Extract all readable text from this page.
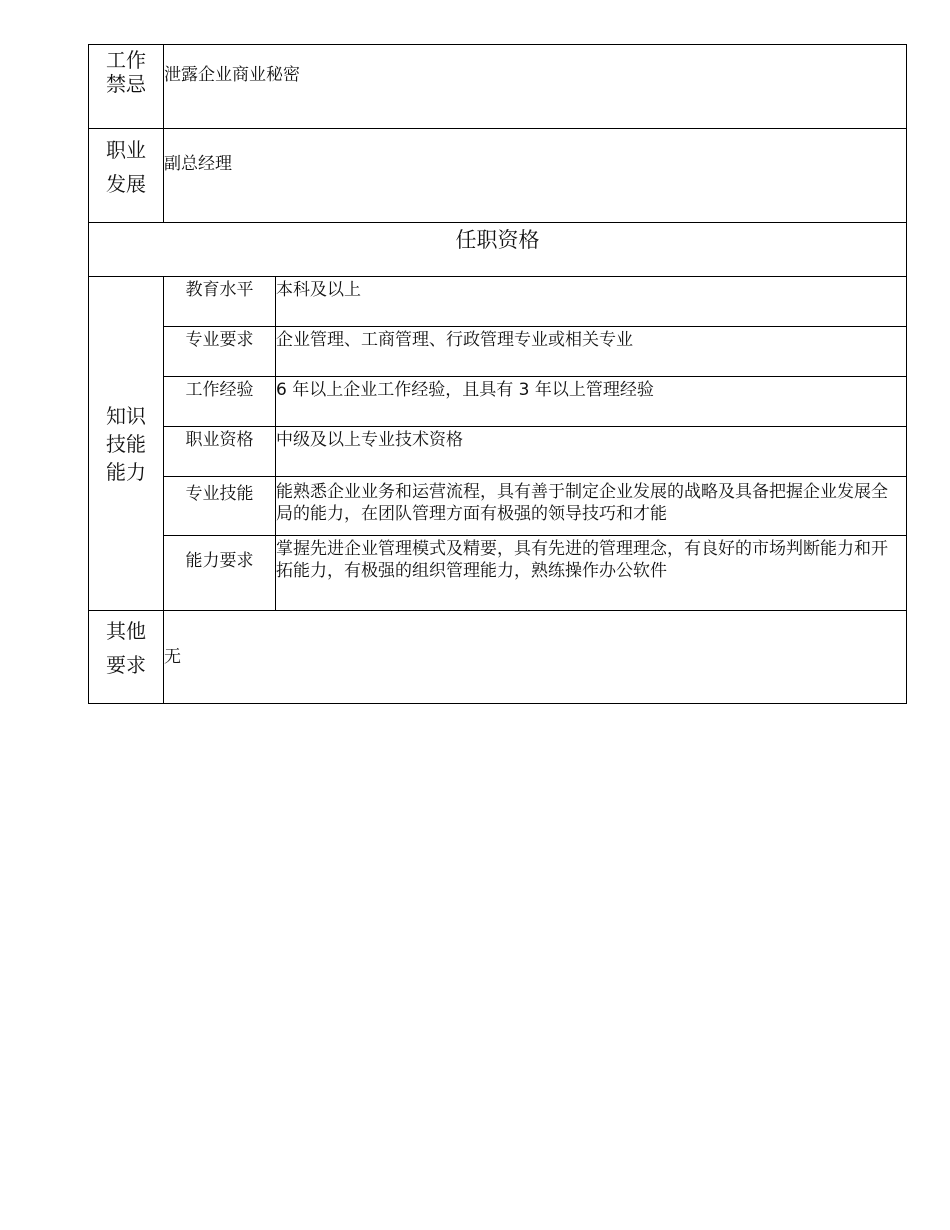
工作
禁忌	泄露企业商业秘密	

职业
发展	副总经理	
任职资格		

知识
技能
能力	教育水平	本科及以上
	专业要求	企业管理、工商管理、行政管理专业或相关专业
	工作经验	6 年以上企业工作经验，且具有 3 年以上管理经验
	职业资格	中级及以上专业技术资格
	专业技能	能熟悉企业业务和运营流程，具有善于制定企业发展的战略及具备把握企业发展全局的能力，在团队管理方面有极强的领导技巧和才能
	能力要求	掌握先进企业管理模式及精要，具有先进的管理理念，有良好的市场判断能力和开拓能力，有极强的组织管理能力，熟练操作办公软件

其他
要求	无	
